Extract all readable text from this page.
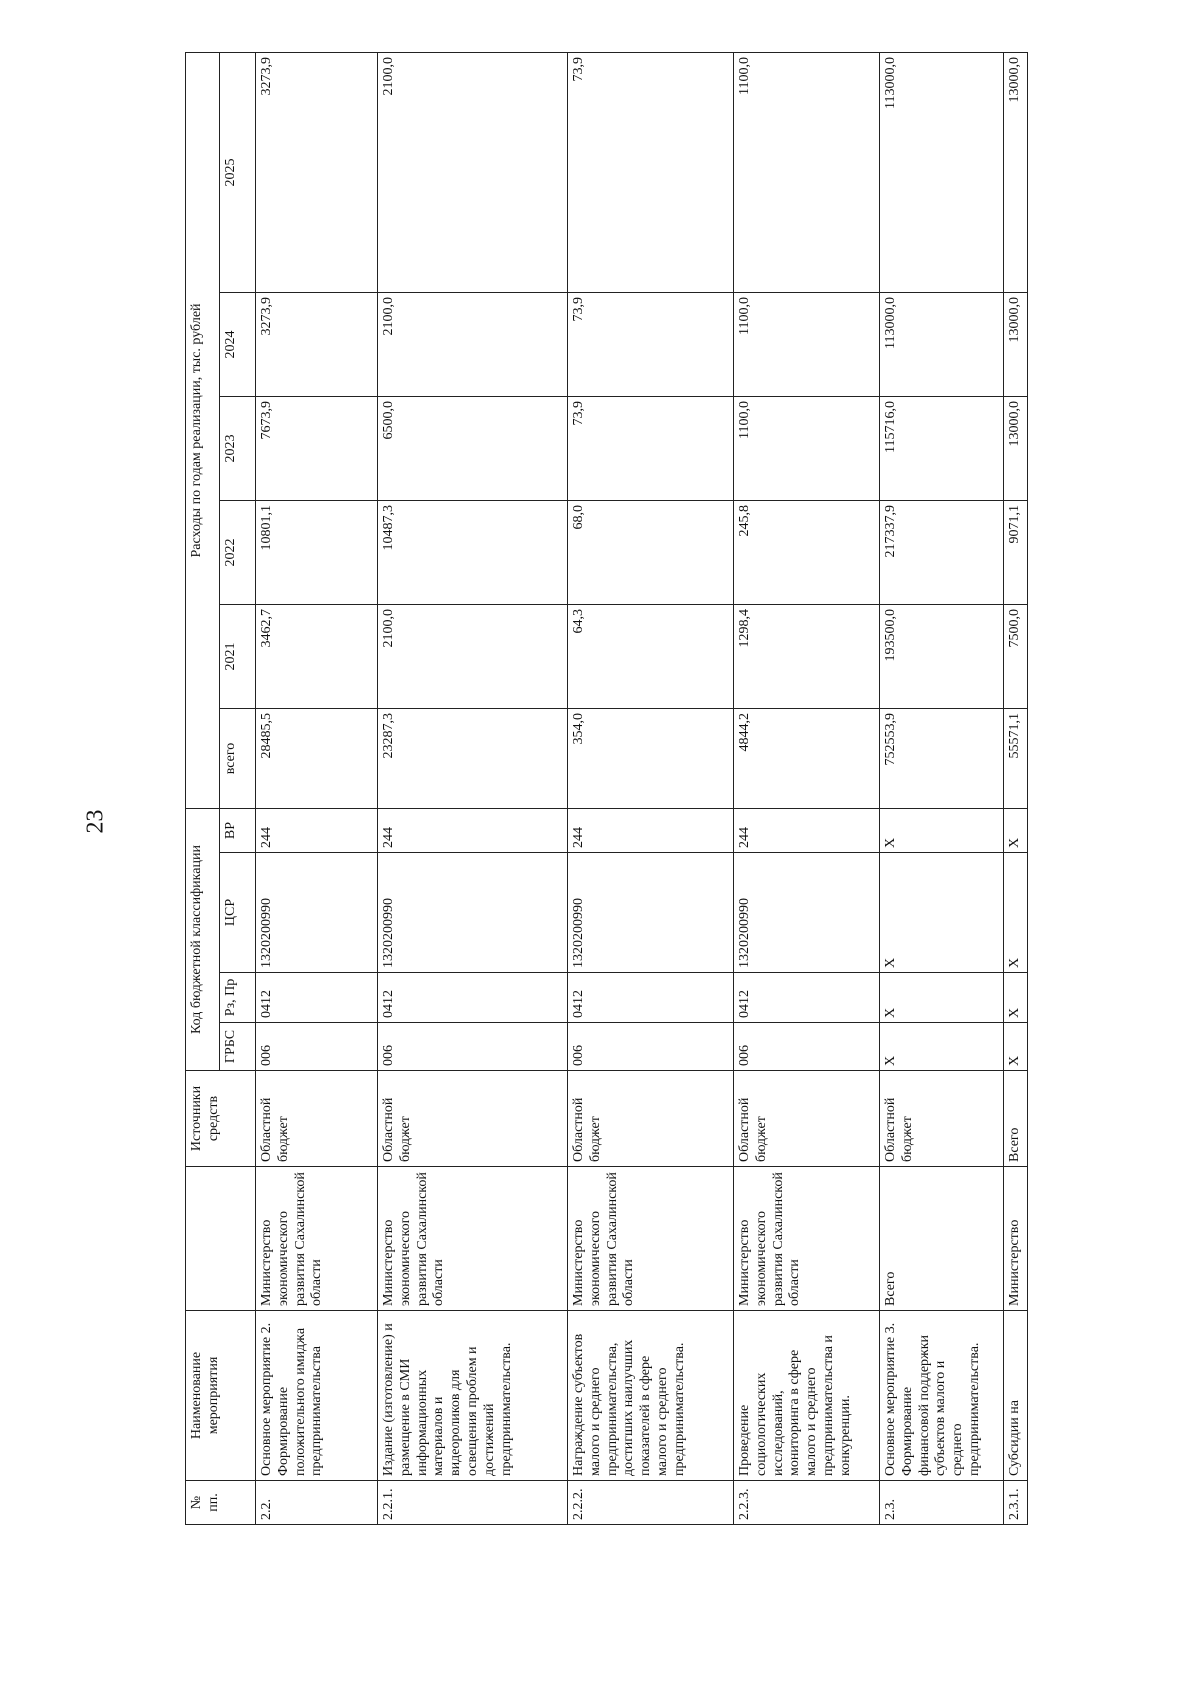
23
№ пп.	Наименование мероприятия		Источники средств	Код бюджетной классификации				Расходы по годам реализации, тыс. рублей					
				ГРБС	Рз, Пр	ЦСР	ВР	всего	2021	2022	2023	2024	2025
2.2.	Основное мероприятие 2. Формирование положительного имиджа предпринимательства	Министерство экономического развития Сахалинской области	Областной бюджет	006	0412	1320200990	244	28485,5	3462,7	10801,1	7673,9	3273,9	3273,9
2.2.1.	Издание (изготовление) и размещение в СМИ информационных материалов и видеороликов для освещения проблем и достижений предпринимательства.	Министерство экономического развития Сахалинской области	Областной бюджет	006	0412	1320200990	244	23287,3	2100,0	10487,3	6500,0	2100,0	2100,0
2.2.2.	Награждение субъектов малого и среднего предпринимательства, достигших наилучших показателей в сфере малого и среднего предпринимательства.	Министерство экономического развития Сахалинской области	Областной бюджет	006	0412	1320200990	244	354,0	64,3	68,0	73,9	73,9	73,9
2.2.3.	Проведение социологических исследований, мониторинга в сфере малого и среднего предпринимательства и конкуренции.	Министерство экономического развития Сахалинской области	Областной бюджет	006	0412	1320200990	244	4844,2	1298,4	245,8	1100,0	1100,0	1100,0
2.3.	Основное мероприятие 3. Формирование финансовой поддержки субъектов малого и среднего предпринимательства.	Всего	Областной бюджет	Х	Х	Х	Х	752553,9	193500,0	217337,9	115716,0	113000,0	113000,0
2.3.1.	Субсидии на	Министерство	Всего	Х	Х	Х	Х	55571,1	7500,0	9071,1	13000,0	13000,0	13000,0
